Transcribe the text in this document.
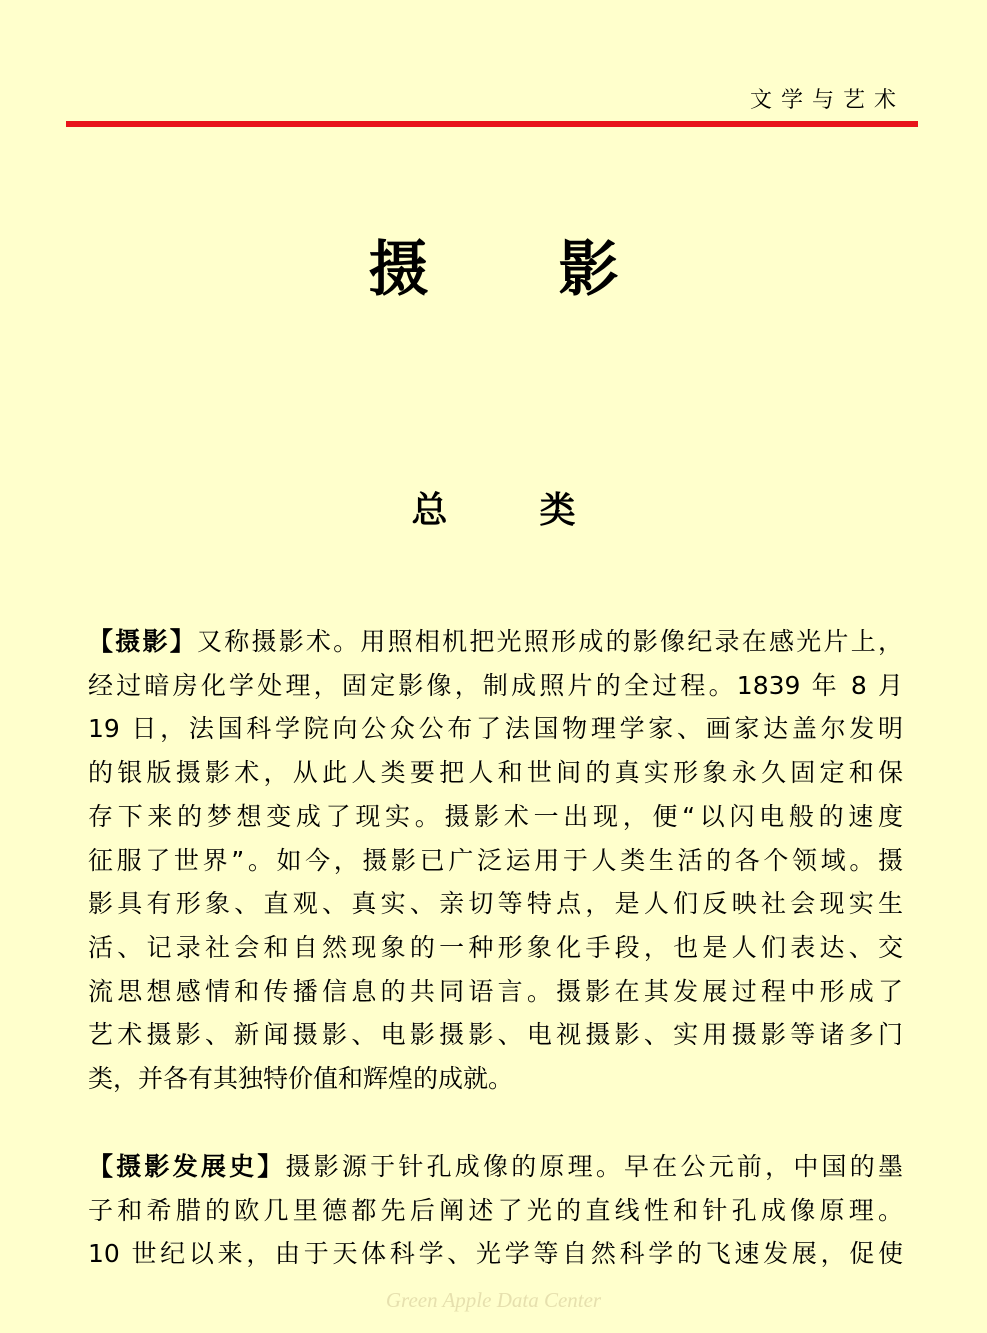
文学与艺术
摄影
总类
【摄影】又称摄影术。用照相机把光照形成的影像纪录在感光片上，
经过暗房化学处理，固定影像，制成照片的全过程。1839 年 8 月
19 日，法国科学院向公众公布了法国物理学家、画家达盖尔发明
的银版摄影术，从此人类要把人和世间的真实形象永久固定和保
存下来的梦想变成了现实。摄影术一出现，便“以闪电般的速度
征服了世界”。如今，摄影已广泛运用于人类生活的各个领域。摄
影具有形象、直观、真实、亲切等特点，是人们反映社会现实生
活、记录社会和自然现象的一种形象化手段，也是人们表达、交
流思想感情和传播信息的共同语言。摄影在其发展过程中形成了
艺术摄影、新闻摄影、电影摄影、电视摄影、实用摄影等诸多门
类，并各有其独特价值和辉煌的成就。
【摄影发展史】摄影源于针孔成像的原理。早在公元前，中国的墨
子和希腊的欧几里德都先后阐述了光的直线性和针孔成像原理。
10 世纪以来，由于天体科学、光学等自然科学的飞速发展，促使
Green Apple Data Center
